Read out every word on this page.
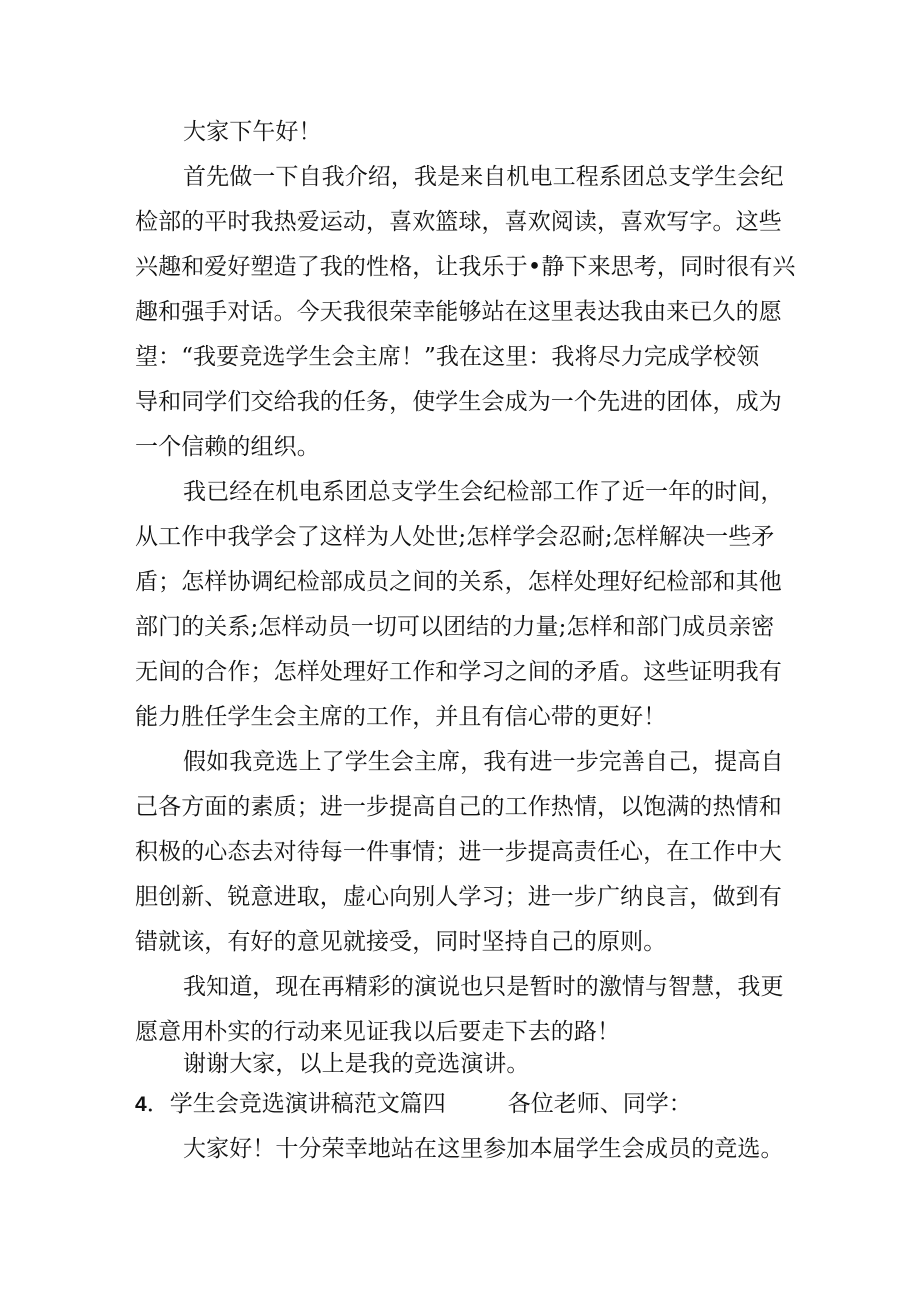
大家下午好！
首先做一下自我介绍，我是来自机电工程系团总支学生会纪
检部的平时我热爱运动，喜欢篮球，喜欢阅读，喜欢写字。这些
兴趣和爱好塑造了我的性格，让我乐于•静下来思考，同时很有兴
趣和强手对话。今天我很荣幸能够站在这里表达我由来已久的愿
望：“我要竞选学生会主席！”我在这里：我将尽力完成学校领
导和同学们交给我的任务，使学生会成为一个先进的团体，成为
一个信赖的组织。
我已经在机电系团总支学生会纪检部工作了近一年的时间，
从工作中我学会了这样为人处世;怎样学会忍耐;怎样解决一些矛
盾；怎样协调纪检部成员之间的关系，怎样处理好纪检部和其他
部门的关系;怎样动员一切可以团结的力量;怎样和部门成员亲密
无间的合作；怎样处理好工作和学习之间的矛盾。这些证明我有
能力胜任学生会主席的工作，并且有信心带的更好！
假如我竞选上了学生会主席，我有进一步完善自己，提高自
己各方面的素质；进一步提高自己的工作热情，以饱满的热情和
积极的心态去对待每一件事情；进一步提高责任心，在工作中大
胆创新、锐意进取，虚心向别人学习；进一步广纳良言，做到有
错就该，有好的意见就接受，同时坚持自己的原则。
我知道，现在再精彩的演说也只是暂时的激情与智慧，我更
愿意用朴实的行动来见证我以后要走下去的路！
谢谢大家，以上是我的竞选演讲。
4．学生会竞选演讲稿范文篇四	各位老师、同学：
大家好！十分荣幸地站在这里参加本届学生会成员的竞选。
